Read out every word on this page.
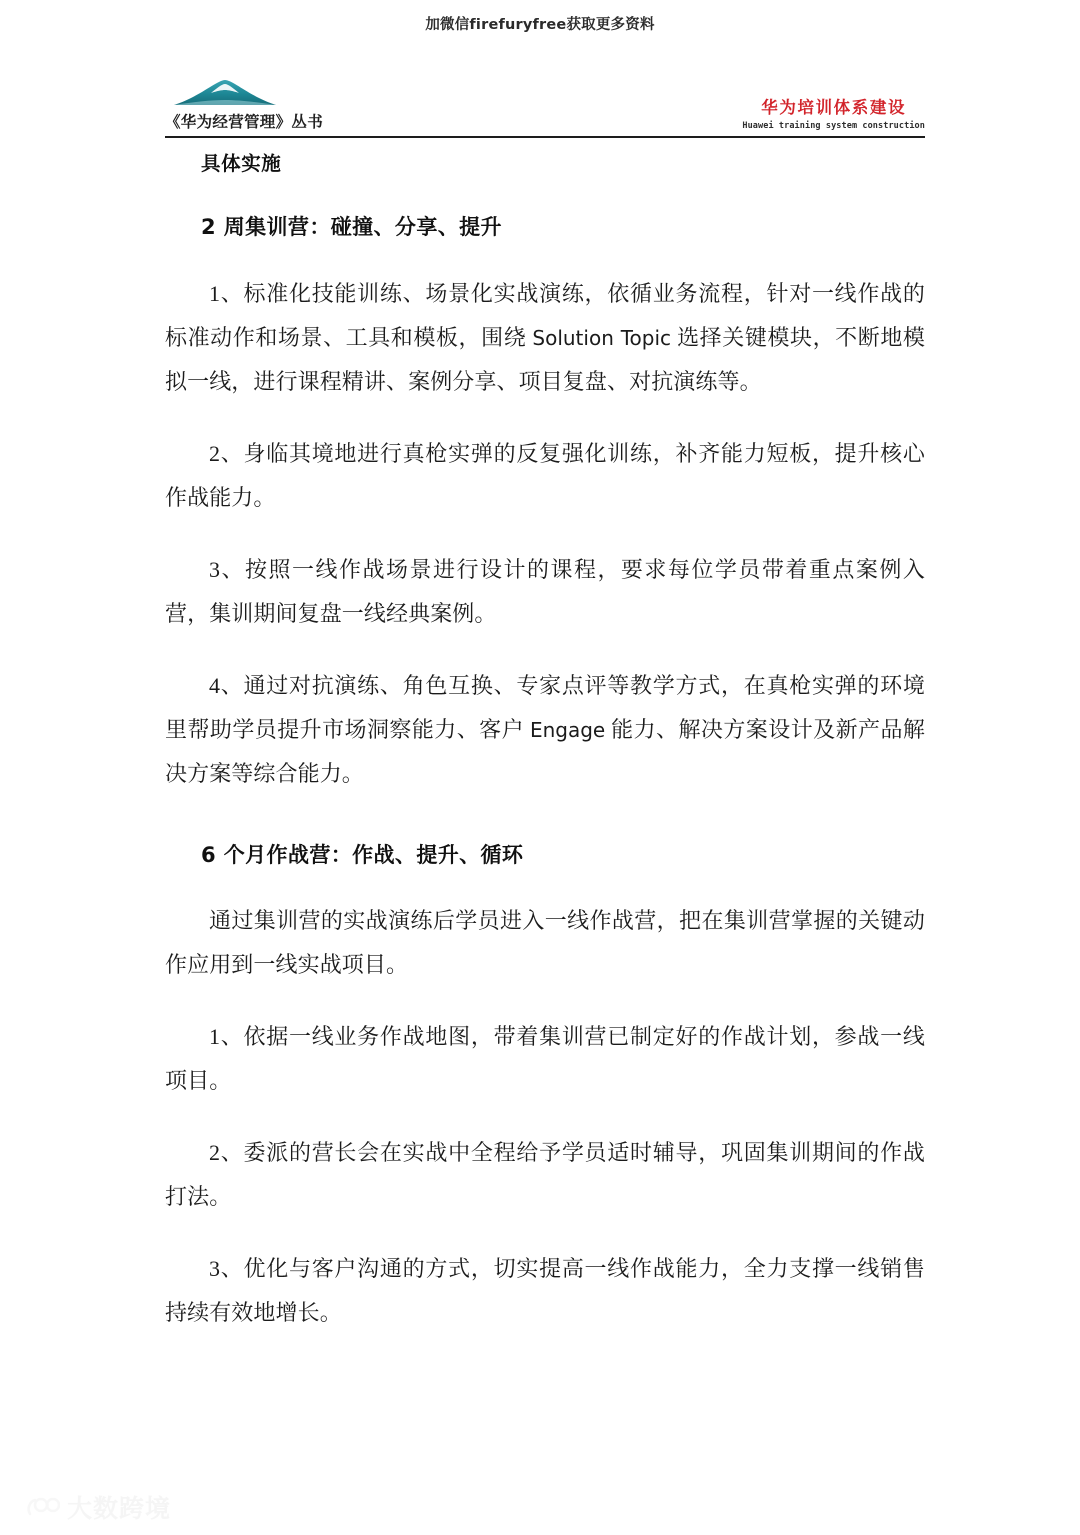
加微信firefuryfree获取更多资料
《华为经营管理》丛书
华为培训体系建设
Huawei training system construction
具体实施
2 周集训营：碰撞、分享、提升

1、标准化技能训练、场景化实战演练，依循业务流程，针对一线作战的标准动作和场景、工具和模板，围绕 Solution Topic 选择关键模块，不断地模拟一线，进行课程精讲、案例分享、项目复盘、对抗演练等。

2、身临其境地进行真枪实弹的反复强化训练，补齐能力短板，提升核心作战能力。

3、按照一线作战场景进行设计的课程，要求每位学员带着重点案例入营，集训期间复盘一线经典案例。

4、通过对抗演练、角色互换、专家点评等教学方式，在真枪实弹的环境里帮助学员提升市场洞察能力、客户 Engage 能力、解决方案设计及新产品解决方案等综合能力。

6 个月作战营：作战、提升、循环

通过集训营的实战演练后学员进入一线作战营，把在集训营掌握的关键动作应用到一线实战项目。

1、依据一线业务作战地图，带着集训营已制定好的作战计划，参战一线项目。

2、委派的营长会在实战中全程给予学员适时辅导，巩固集训期间的作战打法。

3、优化与客户沟通的方式，切实提高一线作战能力，全力支撑一线销售持续有效地增长。

大数跨境
